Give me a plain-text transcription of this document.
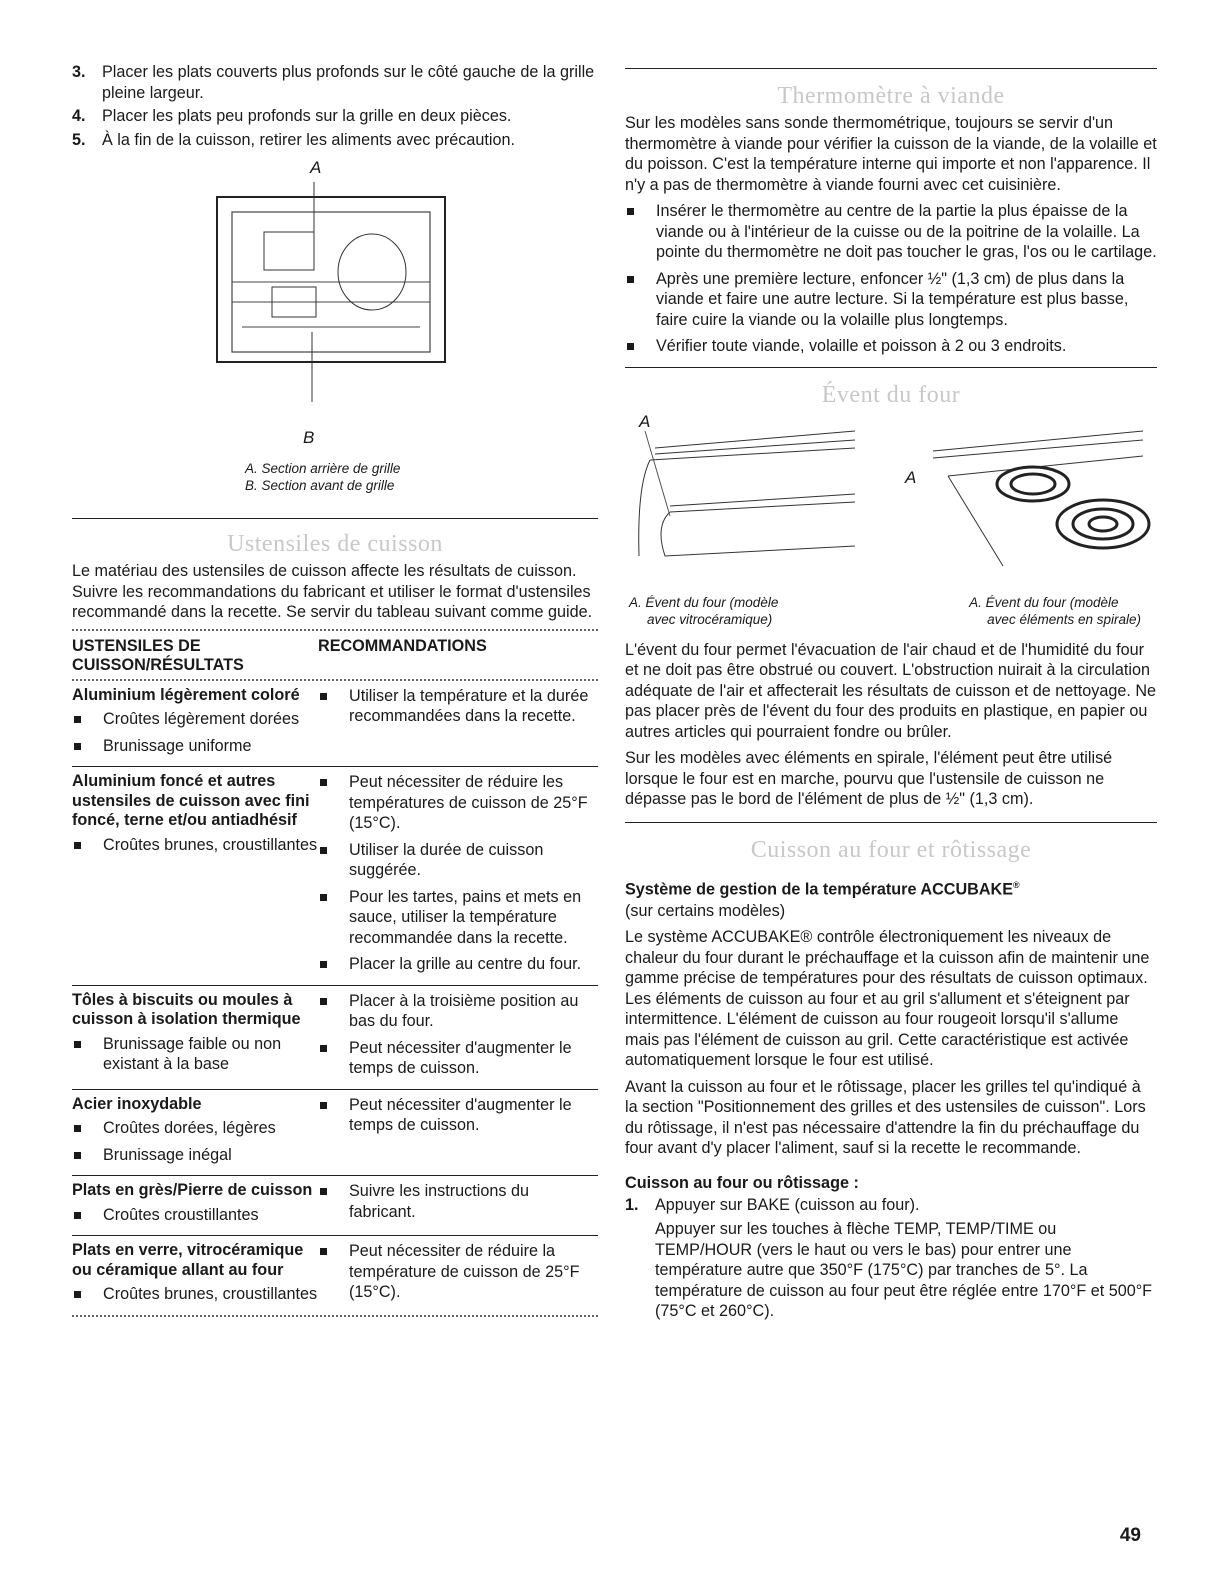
3. Placer les plats couverts plus profonds sur le côté gauche de la grille pleine largeur.
4. Placer les plats peu profonds sur la grille en deux pièces.
5. À la fin de la cuisson, retirer les aliments avec précaution.
A
B

A. Section arrière de grille

B. Section avant de grille

Ustensiles de cuisson

Le matériau des ustensiles de cuisson affecte les résultats de cuisson. Suivre les recommandations du fabricant et utiliser le format d'ustensiles recommandé dans la recette. Se servir du tableau suivant comme guide.

USTENSILES DE CUISSON/RÉSULTATS
RECOMMANDATIONS
Aluminium légèrement coloré
Croûtes légèrement dorées
Brunissage uniforme
Utiliser la température et la durée recommandées dans la recette.
Aluminium foncé et autres ustensiles de cuisson avec fini foncé, terne et/ou antiadhésif
Croûtes brunes, croustillantes
Peut nécessiter de réduire les températures de cuisson de 25°F (15°C).
Utiliser la durée de cuisson suggérée.
Pour les tartes, pains et mets en sauce, utiliser la température recommandée dans la recette.
Placer la grille au centre du four.
Tôles à biscuits ou moules à cuisson à isolation thermique
Brunissage faible ou non existant à la base
Placer à la troisième position au bas du four.
Peut nécessiter d'augmenter le temps de cuisson.
Acier inoxydable
Croûtes dorées, légères
Brunissage inégal
Peut nécessiter d'augmenter le temps de cuisson.
Plats en grès/Pierre de cuisson
Croûtes croustillantes
Suivre les instructions du fabricant.
Plats en verre, vitrocéramique ou céramique allant au four
Croûtes brunes, croustillantes
Peut nécessiter de réduire la température de cuisson de 25°F (15°C).
Thermomètre à viande

Sur les modèles sans sonde thermométrique, toujours se servir d'un thermomètre à viande pour vérifier la cuisson de la viande, de la volaille et du poisson. C'est la température interne qui importe et non l'apparence. Il n'y a pas de thermomètre à viande fourni avec cet cuisinière.

Insérer le thermomètre au centre de la partie la plus épaisse de la viande ou à l'intérieur de la cuisse ou de la poitrine de la volaille. La pointe du thermomètre ne doit pas toucher le gras, l'os ou le cartilage.
Après une première lecture, enfoncer ½" (1,3 cm) de plus dans la viande et faire une autre lecture. Si la température est plus basse, faire cuire la viande ou la volaille plus longtemps.
Vérifier toute viande, volaille et poisson à 2 ou 3 endroits.
Évent du four
A
A

A. Évent du four (modèle

avec vitrocéramique)

A. Évent du four (modèle

avec éléments en spirale)

L'évent du four permet l'évacuation de l'air chaud et de l'humidité du four et ne doit pas être obstrué ou couvert. L'obstruction nuirait à la circulation adéquate de l'air et affecterait les résultats de cuisson et de nettoyage. Ne pas placer près de l'évent du four des produits en plastique, en papier ou autres articles qui pourraient fondre ou brûler.

Sur les modèles avec éléments en spirale, l'élément peut être utilisé lorsque le four est en marche, pourvu que l'ustensile de cuisson ne dépasse pas le bord de l'élément de plus de ½" (1,3 cm).

Cuisson au four et rôtissage

Système de gestion de la température ACCUBAKE®

(sur certains modèles)

Le système ACCUBAKE® contrôle électroniquement les niveaux de chaleur du four durant le préchauffage et la cuisson afin de maintenir une gamme précise de températures pour des résultats de cuisson optimaux. Les éléments de cuisson au four et au gril s'allument et s'éteignent par intermittence. L'élément de cuisson au four rougeoit lorsqu'il s'allume mais pas l'élément de cuisson au gril. Cette caractéristique est activée automatiquement lorsque le four est utilisé.

Avant la cuisson au four et le rôtissage, placer les grilles tel qu'indiqué à la section "Positionnement des grilles et des ustensiles de cuisson". Lors du rôtissage, il n'est pas nécessaire d'attendre la fin du préchauffage du four avant d'y placer l'aliment, sauf si la recette le recommande.

Cuisson au four ou rôtissage :

1. Appuyer sur BAKE (cuisson au four).

Appuyer sur les touches à flèche TEMP, TEMP/TIME ou TEMP/HOUR (vers le haut ou vers le bas) pour entrer une température autre que 350°F (175°C) par tranches de 5°. La température de cuisson au four peut être réglée entre 170°F et 500°F (75°C et 260°C).

49
